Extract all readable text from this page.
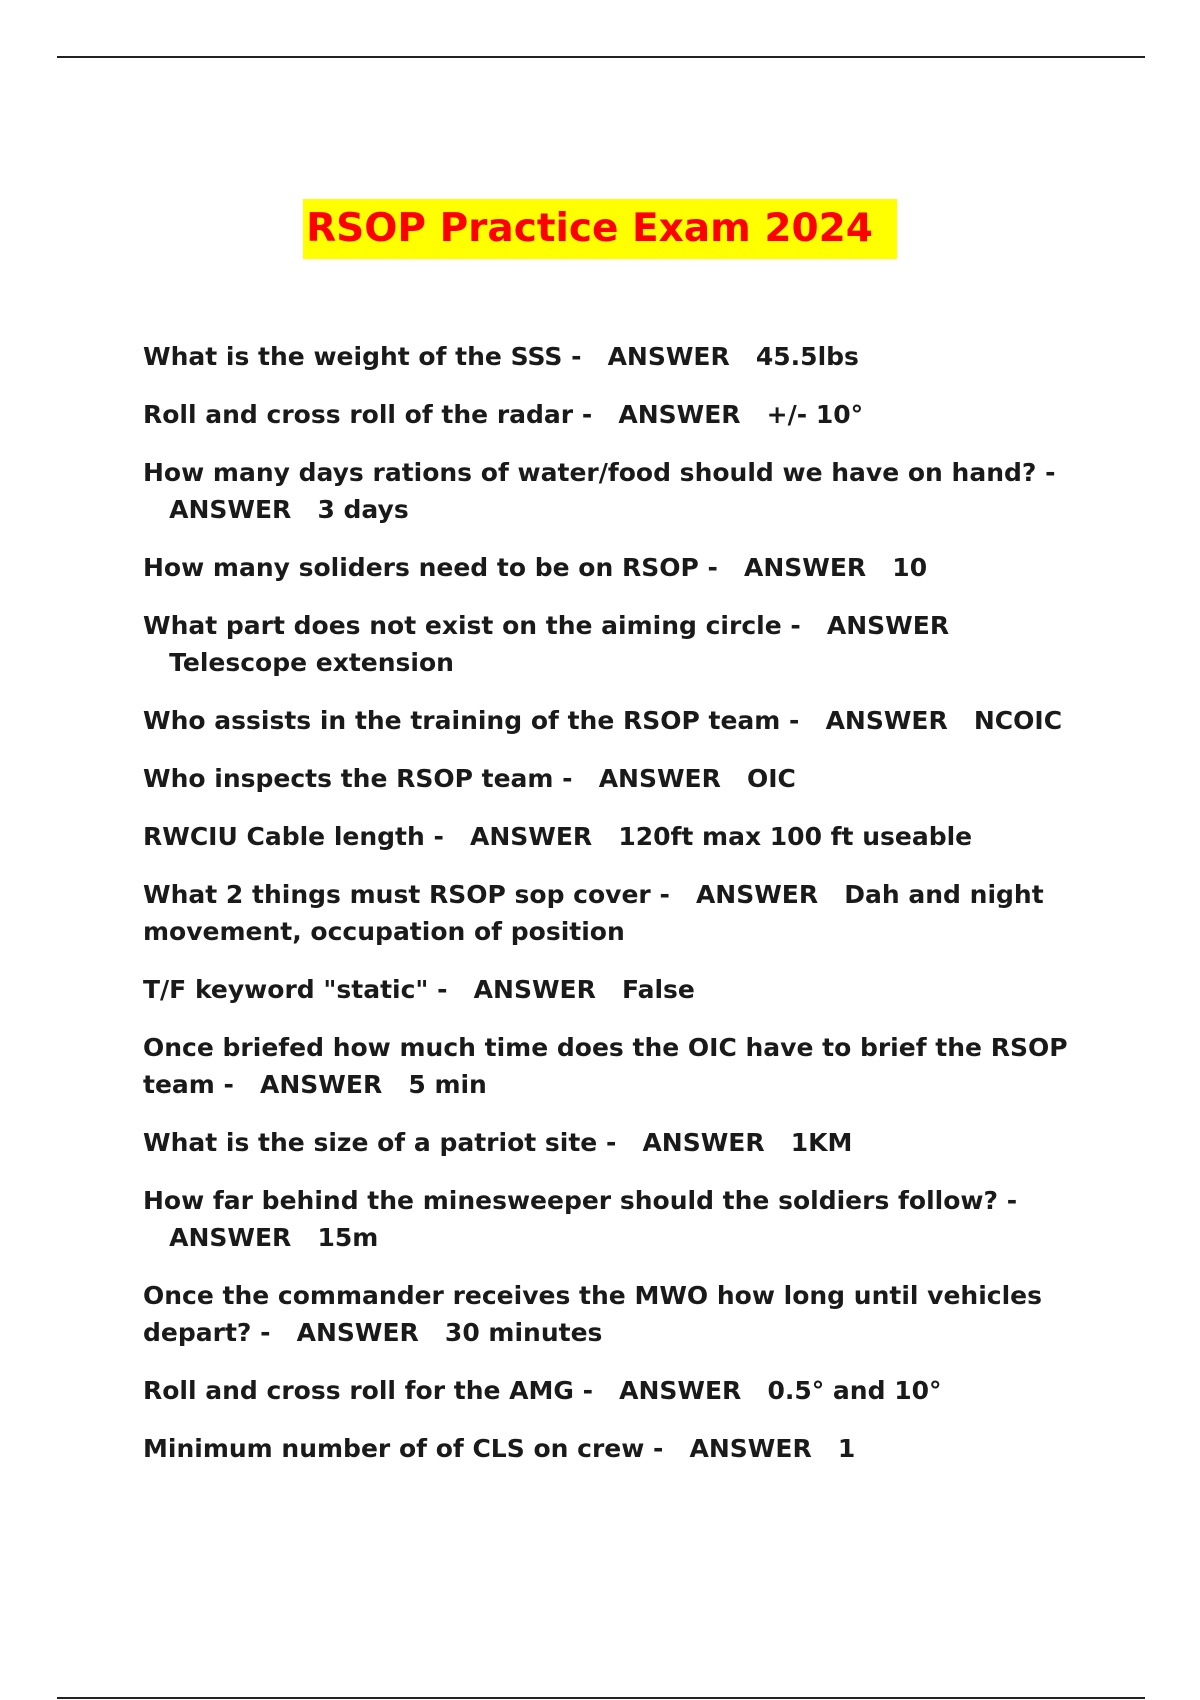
RSOP Practice Exam 2024
What is the weight of the SSS - ANSWER 45.5lbs
Roll and cross roll of the radar - ANSWER +/- 10°
How many days rations of water/food should we have on hand? -   ANSWER 3 days
How many soliders need to be on RSOP - ANSWER 10
What part does not exist on the aiming circle - ANSWER   Telescope extension
Who assists in the training of the RSOP team - ANSWER NCOIC
Who inspects the RSOP team - ANSWER OIC
RWCIU Cable length - ANSWER 120ft max 100 ft useable
What 2 things must RSOP sop cover - ANSWER Dah and night movement, occupation of position
T/F keyword "static" - ANSWER False
Once briefed how much time does the OIC have to brief the RSOP team - ANSWER 5 min
What is the size of a patriot site - ANSWER 1KM
How far behind the minesweeper should the soldiers follow? -   ANSWER 15m
Once the commander receives the MWO how long until vehicles depart? - ANSWER 30 minutes
Roll and cross roll for the AMG - ANSWER 0.5° and 10°
Minimum number of of CLS on crew - ANSWER 1
